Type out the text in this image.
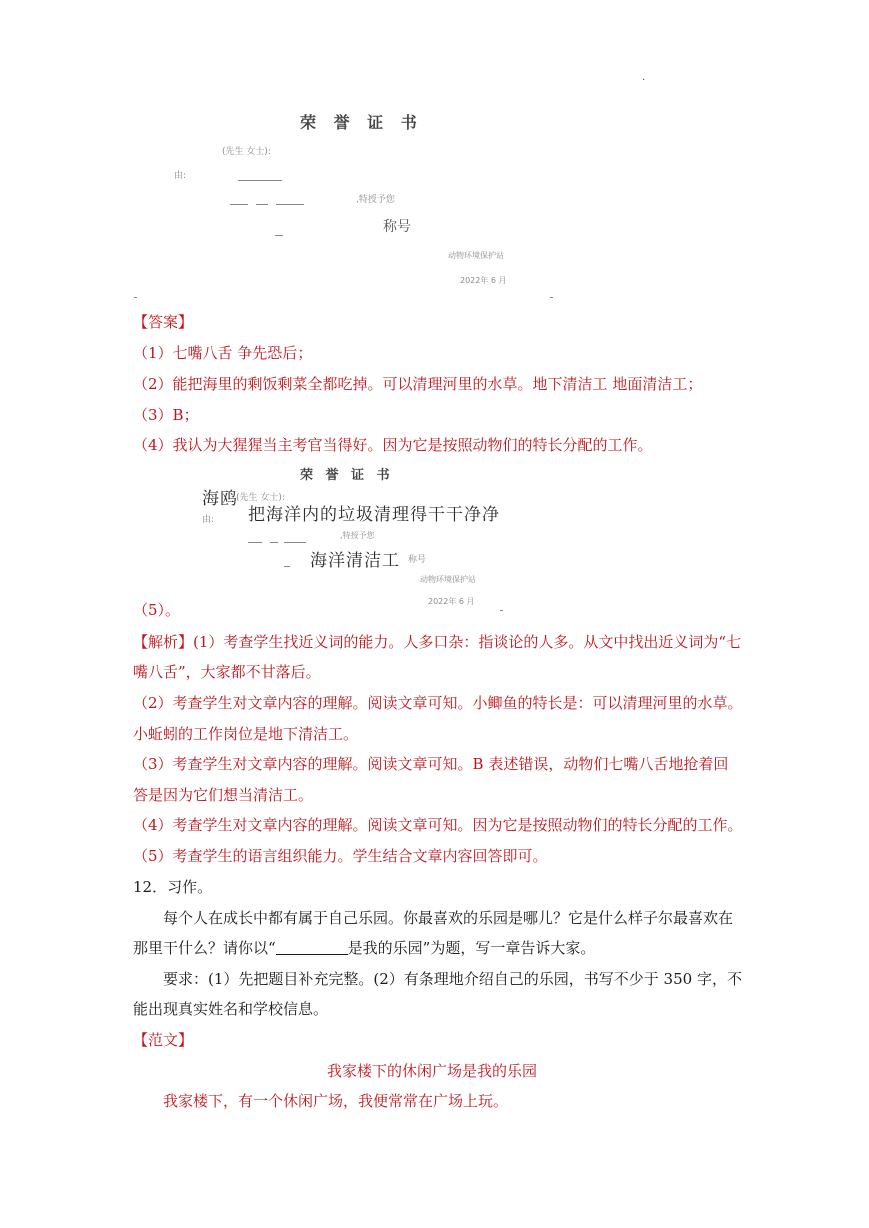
荣 誉 证 书
(先生 女士):
由:
,特授予您
称号
动物环境保护站
2022年 6 月
.
【答案】
（1）七嘴八舌 争先恐后；
（2）能把海里的剩饭剩菜全都吃掉。可以清理河里的水草。地下清洁工 地面清洁工；
（3）B；
（4）我认为大猩猩当主考官当得好。因为它是按照动物们的特长分配的工作。
荣 誉 证 书
海鸥
(先生 女士):
由: 把海洋内的垃圾清理得干干净净
,特授予您
海洋清洁工 称号
动物环境保护站
2022年 6 月
（5）。
【解析】(1）考查学生找近义词的能力。人多口杂：指谈论的人多。从文中找出近义词为“七
嘴八舌”，大家都不甘落后。
（2）考查学生对文章内容的理解。阅读文章可知。小鲫鱼的特长是：可以清理河里的水草。
小蚯蚓的工作岗位是地下清洁工。
（3）考查学生对文章内容的理解。阅读文章可知。B 表述错误，动物们七嘴八舌地抢着回
答是因为它们想当清洁工。
（4）考查学生对文章内容的理解。阅读文章可知。因为它是按照动物们的特长分配的工作。
（5）考查学生的语言组织能力。学生结合文章内容回答即可。
12．习作。
每个人在成长中都有属于自己乐园。你最喜欢的乐园是哪儿？它是什么样子尔最喜欢在
那里干什么？请你以“	是我的乐园”为题，写一章告诉大家。
要求：(1）先把题目补充完整。(2）有条理地介绍自己的乐园，书写不少于 350 字，不
能出现真实姓名和学校信息。
【范文】
我家楼下的休闲广场是我的乐园
我家楼下，有一个休闲广场，我便常常在广场上玩。
